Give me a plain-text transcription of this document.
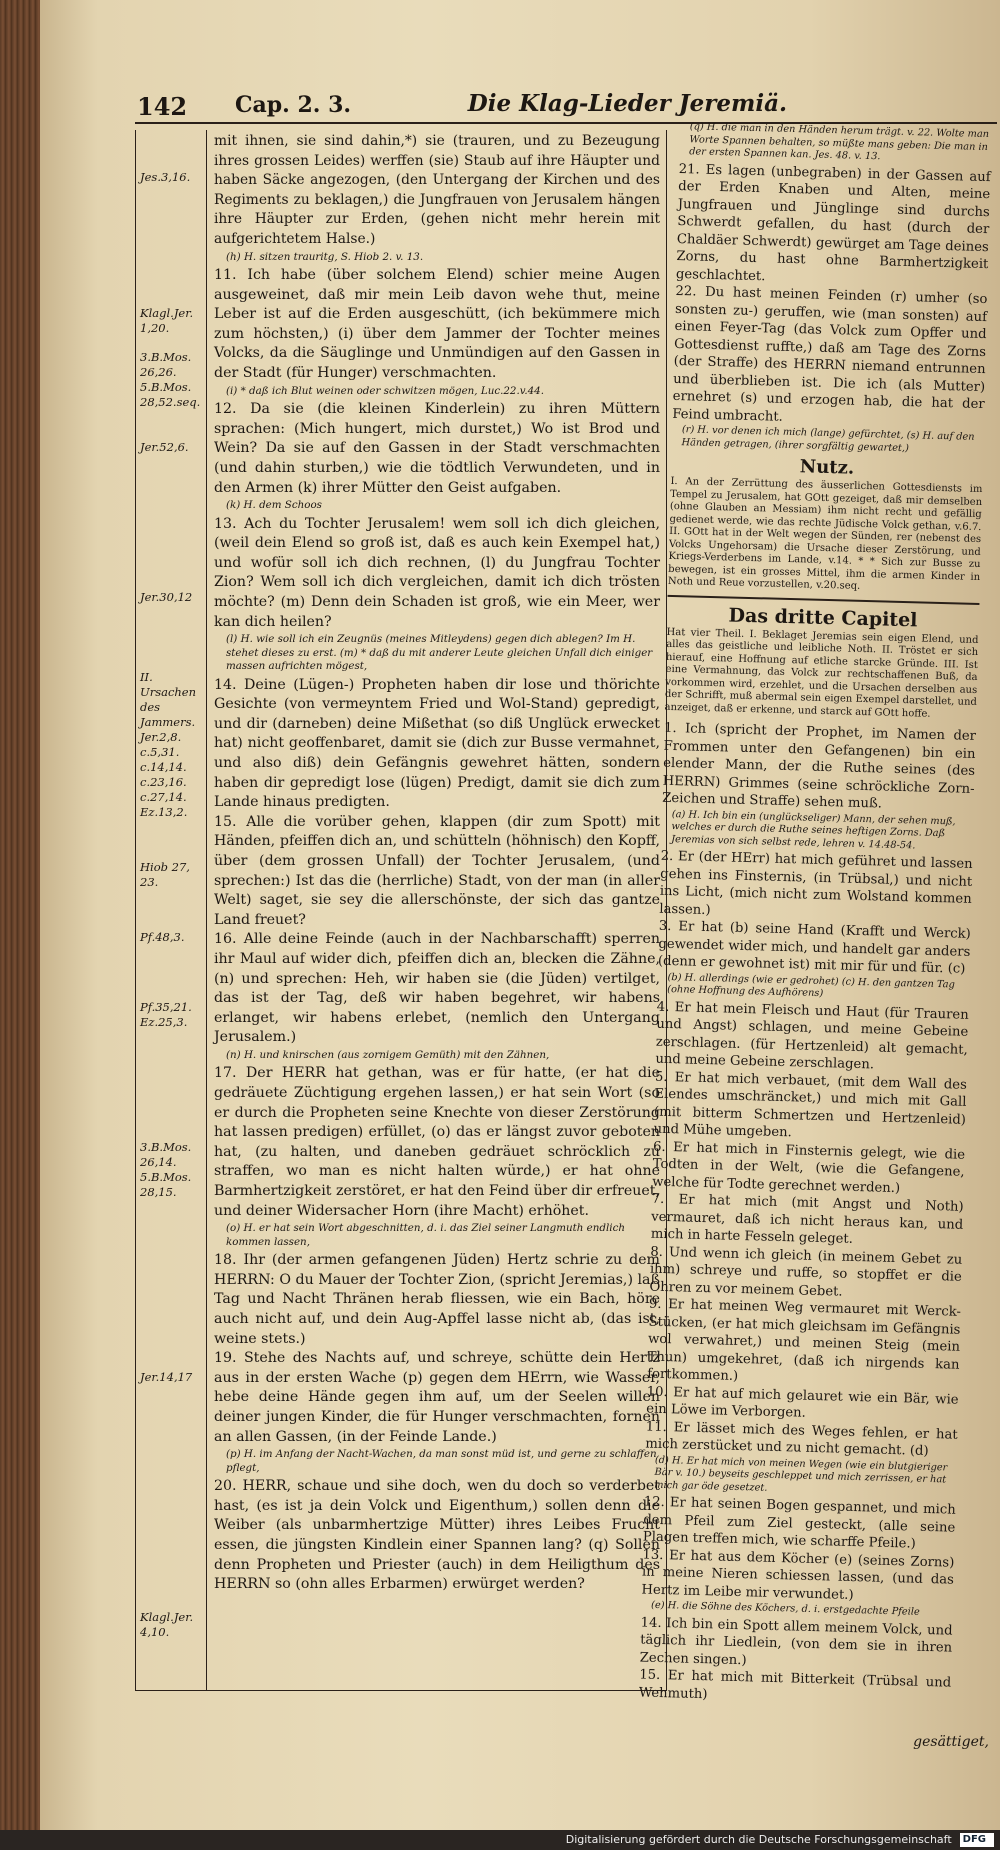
142 Cap. 2. 3.	Die Klag-Lieder Jeremiä.
Jes.3,16.
Klagl.Jer. 1,20.
3.B.Mos. 26,26. 5.B.Mos. 28,52.seq.
Jer.52,6.
Jer.30,12
II. Ursachen des Jammers. Jer.2,8. c.5,31. c.14,14. c.23,16. c.27,14. Ez.13,2.
Hiob 27, 23.
Pf.48,3.
Pf.35,21. Ez.25,3.
3.B.Mos. 26,14. 5.B.Mos. 28,15.
Jer.14,17
Klagl.Jer. 4,10.

mit ihnen, sie sind dahin,*) sie (trauren, und zu Bezeugung ihres grossen Leides) werffen (sie) Staub auf ihre Häupter und haben Säcke angezogen, (den Untergang der Kirchen und des Regiments zu beklagen,) die Jungfrauen von Jerusalem hängen ihre Häupter zur Erden, (gehen nicht mehr herein mit aufgerichtetem Halse.)

(h) H. sitzen trauritg, S. Hiob 2. v. 13.

11. Ich habe (über solchem Elend) schier meine Augen ausgeweinet, daß mir mein Leib davon wehe thut, meine Leber ist auf die Erden ausgeschütt, (ich bekümmere mich zum höchsten,) (i) über dem Jammer der Tochter meines Volcks, da die Säuglinge und Unmündigen auf den Gassen in der Stadt (für Hunger) verschmachten.

(i) * daß ich Blut weinen oder schwitzen mögen, Luc.22.v.44.

12. Da sie (die kleinen Kinderlein) zu ihren Müttern sprachen: (Mich hungert, mich durstet,) Wo ist Brod und Wein? Da sie auf den Gassen in der Stadt verschmachten (und dahin sturben,) wie die tödtlich Verwundeten, und in den Armen (k) ihrer Mütter den Geist aufgaben.

(k) H. dem Schoos

13. Ach du Tochter Jerusalem! wem soll ich dich gleichen, (weil dein Elend so groß ist, daß es auch kein Exempel hat,) und wofür soll ich dich rechnen, (l) du Jungfrau Tochter Zion? Wem soll ich dich vergleichen, damit ich dich trösten möchte? (m) Denn dein Schaden ist groß, wie ein Meer, wer kan dich heilen?

(l) H. wie soll ich ein Zeugnüs (meines Mitleydens) gegen dich ablegen? Im H. stehet dieses zu erst. (m) * daß du mit anderer Leute gleichen Unfall dich einiger massen aufrichten mögest,

14. Deine (Lügen-) Propheten haben dir lose und thörichte Gesichte (von vermeyntem Fried und Wol-Stand) gepredigt, und dir (darneben) deine Mißethat (so diß Unglück erwecket hat) nicht geoffenbaret, damit sie (dich zur Busse vermahnet, und also diß) dein Gefängnis gewehret hätten, sondern haben dir gepredigt lose (lügen) Predigt, damit sie dich zum Lande hinaus predigten.

15. Alle die vorüber gehen, klappen (dir zum Spott) mit Händen, pfeiffen dich an, und schütteln (höhnisch) den Kopff, über (dem grossen Unfall) der Tochter Jerusalem, (und sprechen:) Ist das die (herrliche) Stadt, von der man (in aller Welt) saget, sie sey die allerschönste, der sich das gantze Land freuet?

16. Alle deine Feinde (auch in der Nachbarschafft) sperren ihr Maul auf wider dich, pfeiffen dich an, blecken die Zähne, (n) und sprechen: Heh, wir haben sie (die Jüden) vertilget, das ist der Tag, deß wir haben begehret, wir habens erlanget, wir habens erlebet, (nemlich den Untergang Jerusalem.)

(n) H. und knirschen (aus zornigem Gemüth) mit den Zähnen,

17. Der HERR hat gethan, was er für hatte, (er hat die gedräuete Züchtigung ergehen lassen,) er hat sein Wort (so er durch die Propheten seine Knechte von dieser Zerstörung hat lassen predigen) erfüllet, (o) das er längst zuvor geboten hat, (zu halten, und daneben gedräuet schröcklich zu straffen, wo man es nicht halten würde,) er hat ohne Barmhertzigkeit zerstöret, er hat den Feind über dir erfreuet, und deiner Widersacher Horn (ihre Macht) erhöhet.

(o) H. er hat sein Wort abgeschnitten, d. i. das Ziel seiner Langmuth endlich kommen lassen,

18. Ihr (der armen gefangenen Jüden) Hertz schrie zu dem HERRN: O du Mauer der Tochter Zion, (spricht Jeremias,) laß Tag und Nacht Thränen herab fliessen, wie ein Bach, höre auch nicht auf, und dein Aug-Apffel lasse nicht ab, (das ist, weine stets.)

19. Stehe des Nachts auf, und schreye, schütte dein Hertz aus in der ersten Wache (p) gegen dem HErrn, wie Wasser, hebe deine Hände gegen ihm auf, um der Seelen willen deiner jungen Kinder, die für Hunger verschmachten, fornen an allen Gassen, (in der Feinde Lande.)

(p) H. im Anfang der Nacht-Wachen, da man sonst müd ist, und gerne zu schlaffen pflegt,

20. HERR, schaue und sihe doch, wen du doch so verderbet hast, (es ist ja dein Volck und Eigenthum,) sollen denn die Weiber (als unbarmhertzige Mütter) ihres Leibes Frucht essen, die jüngsten Kindlein einer Spannen lang? (q) Sollen denn Propheten und Priester (auch) in dem Heiligthum des HERRN so (ohn alles Erbarmen) erwürget werden?

(q) H. die man in den Händen herum trägt. v. 22. Wolte man Worte Spannen behalten, so müßte mans geben: Die man in der ersten Spannen kan. Jes. 48. v. 13.

21. Es lagen (unbegraben) in der Gassen auf der Erden Knaben und Alten, meine Jungfrauen und Jünglinge sind durchs Schwerdt gefallen, du hast (durch der Chaldäer Schwerdt) gewürget am Tage deines Zorns, du hast ohne Barmhertzigkeit geschlachtet.

22. Du hast meinen Feinden (r) umher (so sonsten zu-) geruffen, wie (man sonsten) auf einen Feyer-Tag (das Volck zum Opffer und Gottesdienst ruffte,) daß am Tage des Zorns (der Straffe) des HERRN niemand entrunnen und überblieben ist. Die ich (als Mutter) ernehret (s) und erzogen hab, die hat der Feind umbracht.

(r) H. vor denen ich mich (lange) gefürchtet, (s) H. auf den Händen getragen, (ihrer sorgfältig gewartet,)

Nutz.

I. An der Zerrüttung des äusserlichen Gottesdiensts im Tempel zu Jerusalem, hat GOtt gezeiget, daß mir demselben (ohne Glauben an Messiam) ihm nicht recht und gefällig gedienet werde, wie das rechte Jüdische Volck gethan, v.6.7. II. GOtt hat in der Welt wegen der Sünden, rer (nebenst des Volcks Ungehorsam) die Ursache dieser Zerstörung, und Kriegs-Verderbens im Lande, v.14. * * Sich zur Busse zu bewegen, ist ein grosses Mittel, ihm die armen Kinder in Noth und Reue vorzustellen, v.20.seq.

Das dritte Capitel

Hat vier Theil. I. Beklaget Jeremias sein eigen Elend, und alles das geistliche und leibliche Noth. II. Tröstet er sich hierauf, eine Hoffnung auf etliche starcke Gründe. III. Ist eine Vermahnung, das Volck zur rechtschaffenen Buß, da vorkommen wird, erzehlet, und die Ursachen derselben aus der Schrifft, muß abermal sein eigen Exempel darstellet, und anzeiget, daß er erkenne, und starck auf GOtt hoffe.

1. Ich (spricht der Prophet, im Namen der Frommen unter den Gefangenen) bin ein elender Mann, der die Ruthe seines (des HERRN) Grimmes (seine schröckliche Zorn-Zeichen und Straffe) sehen muß.

(a) H. Ich bin ein (unglückseliger) Mann, der sehen muß, welches er durch die Ruthe seines heftigen Zorns. Daß Jeremias von sich selbst rede, lehren v. 14.48-54.

2. Er (der HErr) hat mich geführet und lassen gehen ins Finsternis, (in Trübsal,) und nicht ins Licht, (mich nicht zum Wolstand kommen lassen.)

3. Er hat (b) seine Hand (Krafft und Werck) gewendet wider mich, und handelt gar anders (denn er gewohnet ist) mit mir für und für. (c)

(b) H. allerdings (wie er gedrohet) (c) H. den gantzen Tag (ohne Hoffnung des Aufhörens)

4. Er hat mein Fleisch und Haut (für Trauren und Angst) schlagen, und meine Gebeine zerschlagen. (für Hertzenleid) alt gemacht, und meine Gebeine zerschlagen.

5. Er hat mich verbauet, (mit dem Wall des Elendes umschräncket,) und mich mit Gall (mit bitterm Schmertzen und Hertzenleid) und Mühe umgeben.

6. Er hat mich in Finsternis gelegt, wie die Todten in der Welt, (wie die Gefangene, welche für Todte gerechnet werden.)

7. Er hat mich (mit Angst und Noth) vermauret, daß ich nicht heraus kan, und mich in harte Fesseln geleget.

8. Und wenn ich gleich (in meinem Gebet zu ihm) schreye und ruffe, so stopffet er die Ohren zu vor meinem Gebet.

9. Er hat meinen Weg vermauret mit Werck-Stücken, (er hat mich gleichsam im Gefängnis wol verwahret,) und meinen Steig (mein Thun) umgekehret, (daß ich nirgends kan fortkommen.)

10. Er hat auf mich gelauret wie ein Bär, wie ein Löwe im Verborgen.

11. Er lässet mich des Weges fehlen, er hat mich zerstücket und zu nicht gemacht. (d)

(d) H. Er hat mich von meinen Wegen (wie ein blutgieriger Bär v. 10.) beyseits geschleppet und mich zerrissen, er hat mich gar öde gesetzet.

12. Er hat seinen Bogen gespannet, und mich dem Pfeil zum Ziel gesteckt, (alle seine Plagen treffen mich, wie scharffe Pfeile.)

13. Er hat aus dem Köcher (e) (seines Zorns) in meine Nieren schiessen lassen, (und das Hertz im Leibe mir verwundet.)

(e) H. die Söhne des Köchers, d. i. erstgedachte Pfeile

14. Ich bin ein Spott allem meinem Volck, und täglich ihr Liedlein, (von dem sie in ihren Zechen singen.)

15. Er hat mich mit Bitterkeit (Trübsal und Wehmuth)

gesättiget,
Digitalisierung gefördert durch die Deutsche Forschungsgemeinschaft DFG
